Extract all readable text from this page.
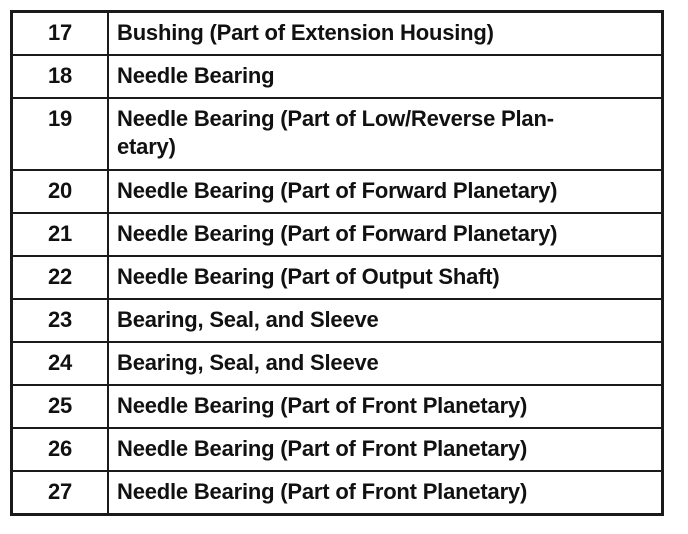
17	Bushing (Part of Extension Housing)
18	Needle Bearing
19	Needle Bearing (Part of Low/Reverse Plan-
etary)
20	Needle Bearing (Part of Forward Planetary)
21	Needle Bearing (Part of Forward Planetary)
22	Needle Bearing (Part of Output Shaft)
23	Bearing, Seal, and Sleeve
24	Bearing, Seal, and Sleeve
25	Needle Bearing (Part of Front Planetary)
26	Needle Bearing (Part of Front Planetary)
27	Needle Bearing (Part of Front Planetary)
